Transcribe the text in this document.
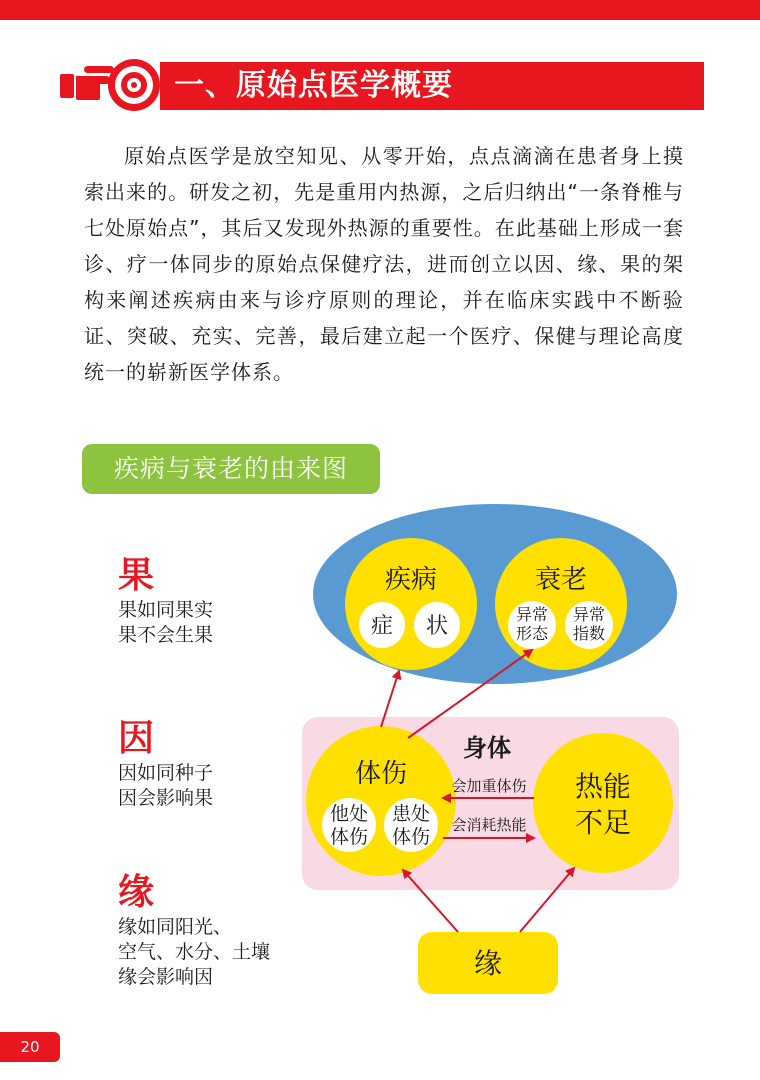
一、原始点医学概要

原始点医学是放空知见、从零开始，点点滴滴在患者身上摸索出来的。研发之初，先是重用内热源，之后归纳出“一条脊椎与七处原始点”，其后又发现外热源的重要性。在此基础上形成一套诊、疗一体同步的原始点保健疗法，进而创立以因、缘、果的架构来阐述疾病由来与诊疗原则的理论，并在临床实践中不断验证、突破、充实、完善，最后建立起一个医疗、保健与理论高度统一的崭新医学体系。

疾病与衰老的由来图
果
果如同果实
果不会生果
因
因如同种子
因会影响果
缘
缘如同阳光、
空气、水分、土壤
缘会影响因
疾病
症 状
衰老
异常
形态
异常
指数
身体
体伤
他处
体伤
患处
体伤
热能
不足
会加重体伤
会消耗热能
缘
20
